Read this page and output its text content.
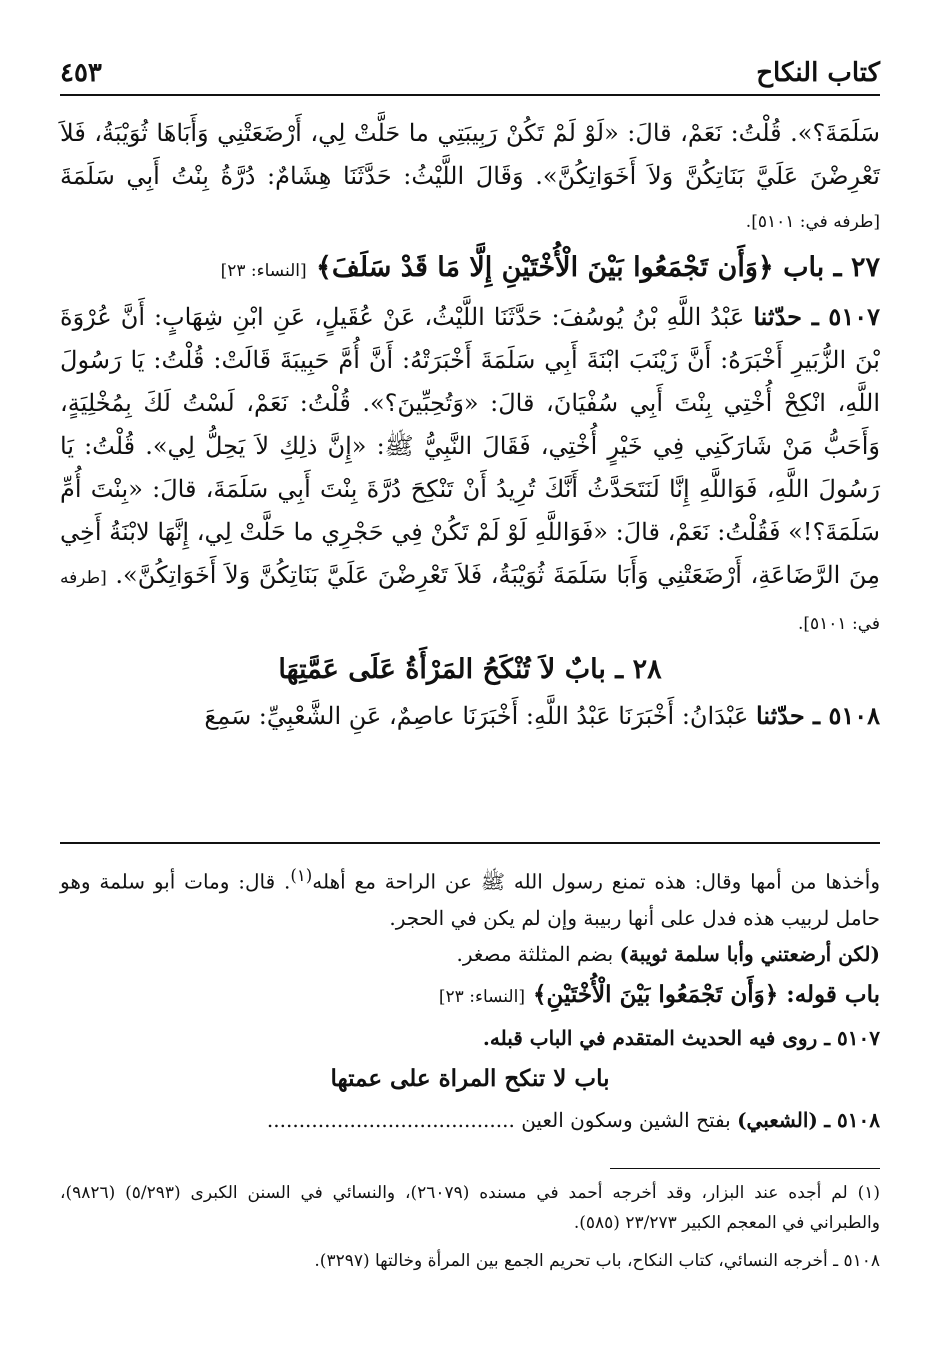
كتاب النكاح
٤٥٣

سَلَمَةَ؟». قُلْتُ: نَعَمْ، قالَ: «لَوْ لَمْ تَكُنْ رَبِيبَتِي ما حَلَّتْ لِي، أَرْضَعَتْنِي وَأَبَاهَا ثُوَيْبَةُ، فَلاَ تَعْرِضْنَ عَلَيَّ بَنَاتِكُنَّ وَلاَ أَخَوَاتِكُنَّ». وَقَالَ اللَّيْثُ: حَدَّثَنَا هِشَامٌ: دُرَّةُ بِنْتُ أَبِي سَلَمَةَ [طرفه في: ٥١٠١].

٢٧ ـ باب ﴿وَأَن تَجْمَعُوا بَيْنَ الْأُخْتَيْنِ إِلَّا مَا قَدْ سَلَفَ﴾ [النساء: ٢٣]

٥١٠٧ ـ حدّثنا عَبْدُ اللَّهِ بْنُ يُوسُفَ: حَدَّثَنَا اللَّيْثُ، عَنْ عُقَيلٍ، عَنِ ابْنِ شِهَابٍ: أَنَّ عُرْوَةَ بْنَ الزُّبَيرِ أَخْبَرَهُ: أَنَّ زَيْنَبَ ابْنَةَ أَبِي سَلَمَةَ أَخْبَرَتْهُ: أَنَّ أُمَّ حَبِيبَةَ قَالَتْ: قُلْتُ: يَا رَسُولَ اللَّهِ، انْكِحْ أُخْتِي بِنْتَ أَبِي سُفْيَانَ، قالَ: «وَتُحِبِّينَ؟». قُلْتُ: نَعَمْ، لَسْتُ لَكَ بِمُخْلِيَةٍ، وَأَحَبُّ مَنْ شَارَكَنِي فِي خَيْرٍ أُخْتِي، فَقَالَ النَّبِيُّ ﷺ: «إِنَّ ذلِكِ لاَ يَحِلُّ لِي». قُلْتُ: يَا رَسُولَ اللَّهِ، فَوَاللَّهِ إِنَّا لَنَتَحَدَّثُ أَنَّكَ تُرِيدُ أَنْ تَنْكِحَ دُرَّةَ بِنْتَ أَبِي سَلَمَةَ، قالَ: «بِنْتَ أُمِّ سَلَمَةَ؟!» فَقُلْتُ: نَعَمْ، قالَ: «فَوَاللَّهِ لَوْ لَمْ تَكُنْ فِي حَجْرِي ما حَلَّتْ لِي، إِنَّهَا لابْنَةُ أَخِي مِنَ الرَّضَاعَةِ، أَرْضَعَتْنِي وَأَبَا سَلَمَةَ ثُوَيْبَةُ، فَلاَ تَعْرِضْنَ عَلَيَّ بَنَاتِكُنَّ وَلاَ أَخَوَاتِكُنَّ». [طرفه في: ٥١٠١].

٢٨ ـ بابٌ لاَ تُنْكَحُ المَرْأَةُ عَلَى عَمَّتِهَا

٥١٠٨ ـ حدّثنا عَبْدَانُ: أَخْبَرَنَا عَبْدُ اللَّهِ: أَخْبَرَنَا عاصِمٌ، عَنِ الشَّعْبِيِّ: سَمِعَ

وأخذها من أمها وقال: هذه تمنع رسول الله ﷺ عن الراحة مع أهله$^{(١)}$. قال: ومات أبو سلمة وهو حامل لربيب هذه فدل على أنها ربيبة وإن لم يكن في الحجر.

(لكن أرضعتني وأبا سلمة ثويبة) بضم المثلثة مصغر.

باب قوله: ﴿وَأَن تَجْمَعُوا بَيْنَ الْأُخْتَيْنِ﴾ [النساء: ٢٣]

٥١٠٧ ـ روى فيه الحديث المتقدم في الباب قبله.

باب لا تنكح المراة على عمتها

٥١٠٨ ـ (الشعبي) بفتح الشين وسكون العين .......................................

(١) لم أجده عند البزار، وقد أخرجه أحمد في مسنده (٢٦٠٧٩)، والنسائي في السنن الكبرى (٥/٢٩٣) (٩٨٢٦)، والطبراني في المعجم الكبير ٢٣/٢٧٣ (٥٨٥).

٥١٠٨ ـ أخرجه النسائي، كتاب النكاح، باب تحريم الجمع بين المرأة وخالتها (٣٢٩٧).
